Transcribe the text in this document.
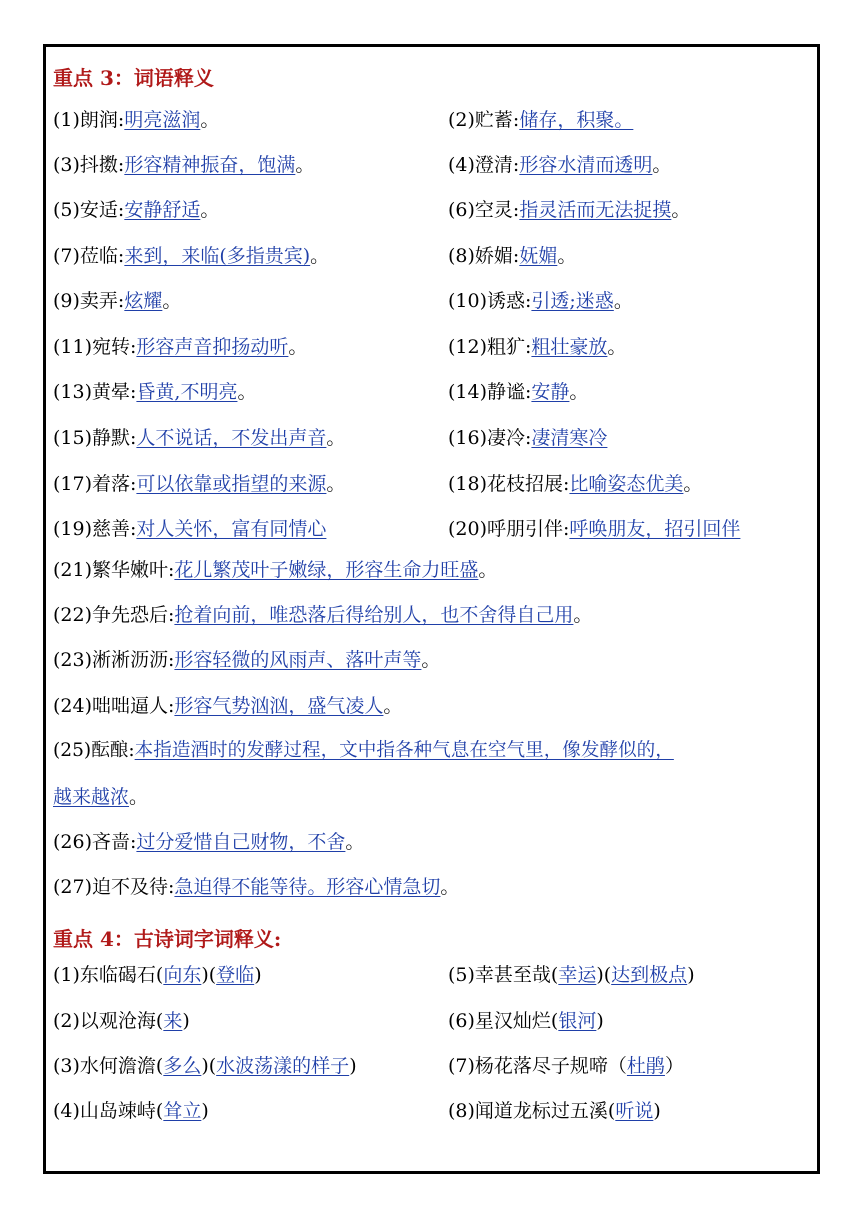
重点 3：词语释义
(1)朗润:明亮滋润。	(2)贮蓄:储存，积聚。
(3)抖擞:形容精神振奋，饱满。	(4)澄清:形容水清而透明。
(5)安适:安静舒适。	(6)空灵:指灵活而无法捉摸。
(7)莅临:来到，来临(多指贵宾)。	(8)娇媚:妩媚。
(9)卖弄:炫耀。	(10)诱惑:引透;迷惑。
(11)宛转:形容声音抑扬动听。	(12)粗犷:粗壮豪放。
(13)黄晕:昏黄,不明亮。	(14)静谧:安静。
(15)静默:人不说话，不发出声音。	(16)凄冷:凄清寒冷
(17)着落:可以依靠或指望的来源。	(18)花枝招展:比喻姿态优美。
(19)慈善:对人关怀，富有同情心	(20)呼朋引伴:呼唤朋友，招引回伴
(21)繁华嫩叶:花儿繁茂叶子嫩绿，形容生命力旺盛。
(22)争先恐后:抢着向前，唯恐落后得给别人，也不舍得自己用。
(23)淅淅沥沥:形容轻微的风雨声、落叶声等。
(24)咄咄逼人:形容气势汹汹，盛气凌人。
(25)酝酿:本指造酒时的发酵过程，文中指各种气息在空气里，像发酵似的，
越来越浓。
(26)吝啬:过分爱惜自己财物，不舍。
(27)迫不及待:急迫得不能等待。形容心情急切。
重点 4：古诗词字词释义:
(1)东临碣石(向东)(登临)	(5)幸甚至哉(幸运)(达到极点)
(2)以观沧海(来)	(6)星汉灿烂(银河)
(3)水何澹澹(多么)(水波荡漾的样子)	(7)杨花落尽子规啼（杜鹃）
(4)山岛竦峙(耸立)	(8)闻道龙标过五溪(听说)
